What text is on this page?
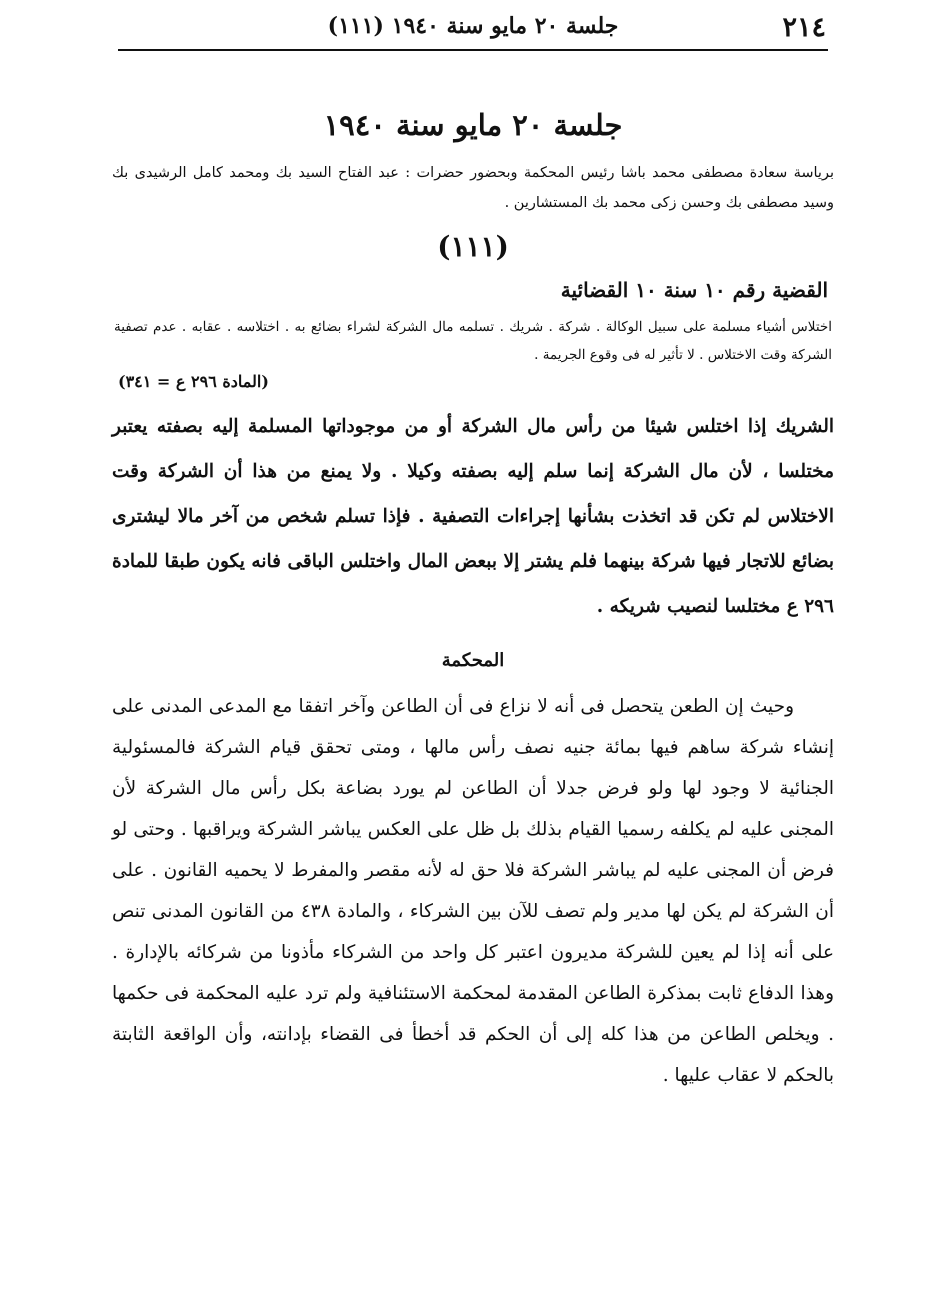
٢١٤
جلسة ٢٠ مايو سنة ١٩٤٠ (١١١)
جلسة ٢٠ مايو سنة ١٩٤٠

برياسة سعادة مصطفى محمد باشا رئيس المحكمة وبحضور حضرات : عبد الفتاح السيد بك ومحمد كامل الرشيدى بك وسيد مصطفى بك وحسن زكى محمد بك المستشارين .

(١١١)
القضية رقم ١٠ سنة ١٠ القضائية

اختلاس أشياء مسلمة على سبيل الوكالة . شركة . شريك . تسلمه مال الشركة لشراء بضائع به . اختلاسه . عقابه . عدم تصفية الشركة وقت الاختلاس . لا تأثير له فى وقوع الجريمة .

(المادة ٢٩٦ ع = ٣٤١)

الشريك إذا اختلس شيئا من رأس مال الشركة أو من موجوداتها المسلمة إليه بصفته يعتبر مختلسا ، لأن مال الشركة إنما سلم إليه بصفته وكيلا . ولا يمنع من هذا أن الشركة وقت الاختلاس لم تكن قد اتخذت بشأنها إجراءات التصفية . فإذا تسلم شخص من آخر مالا ليشترى بضائع للاتجار فيها شركة بينهما فلم يشتر إلا ببعض المال واختلس الباقى فانه يكون طبقا للمادة ٢٩٦ ع مختلسا لنصيب شريكه .

المحكمة

وحيث إن الطعن يتحصل فى أنه لا نزاع فى أن الطاعن وآخر اتفقا مع المدعى المدنى على إنشاء شركة ساهم فيها بمائة جنيه نصف رأس مالها ، ومتى تحقق قيام الشركة فالمسئولية الجنائية لا وجود لها ولو فرض جدلا أن الطاعن لم يورد بضاعة بكل رأس مال الشركة لأن المجنى عليه لم يكلفه رسميا القيام بذلك بل ظل على العكس يباشر الشركة ويراقبها . وحتى لو فرض أن المجنى عليه لم يباشر الشركة فلا حق له لأنه مقصر والمفرط لا يحميه القانون . على أن الشركة لم يكن لها مدير ولم تصف للآن بين الشركاء ، والمادة ٤٣٨ من القانون المدنى تنص على أنه إذا لم يعين للشركة مديرون اعتبر كل واحد من الشركاء مأذونا من شركائه بالإدارة . وهذا الدفاع ثابت بمذكرة الطاعن المقدمة لمحكمة الاستئنافية ولم ترد عليه المحكمة فى حكمها . ويخلص الطاعن من هذا كله إلى أن الحكم قد أخطأ فى القضاء بإدانته، وأن الواقعة الثابتة بالحكم لا عقاب عليها .
